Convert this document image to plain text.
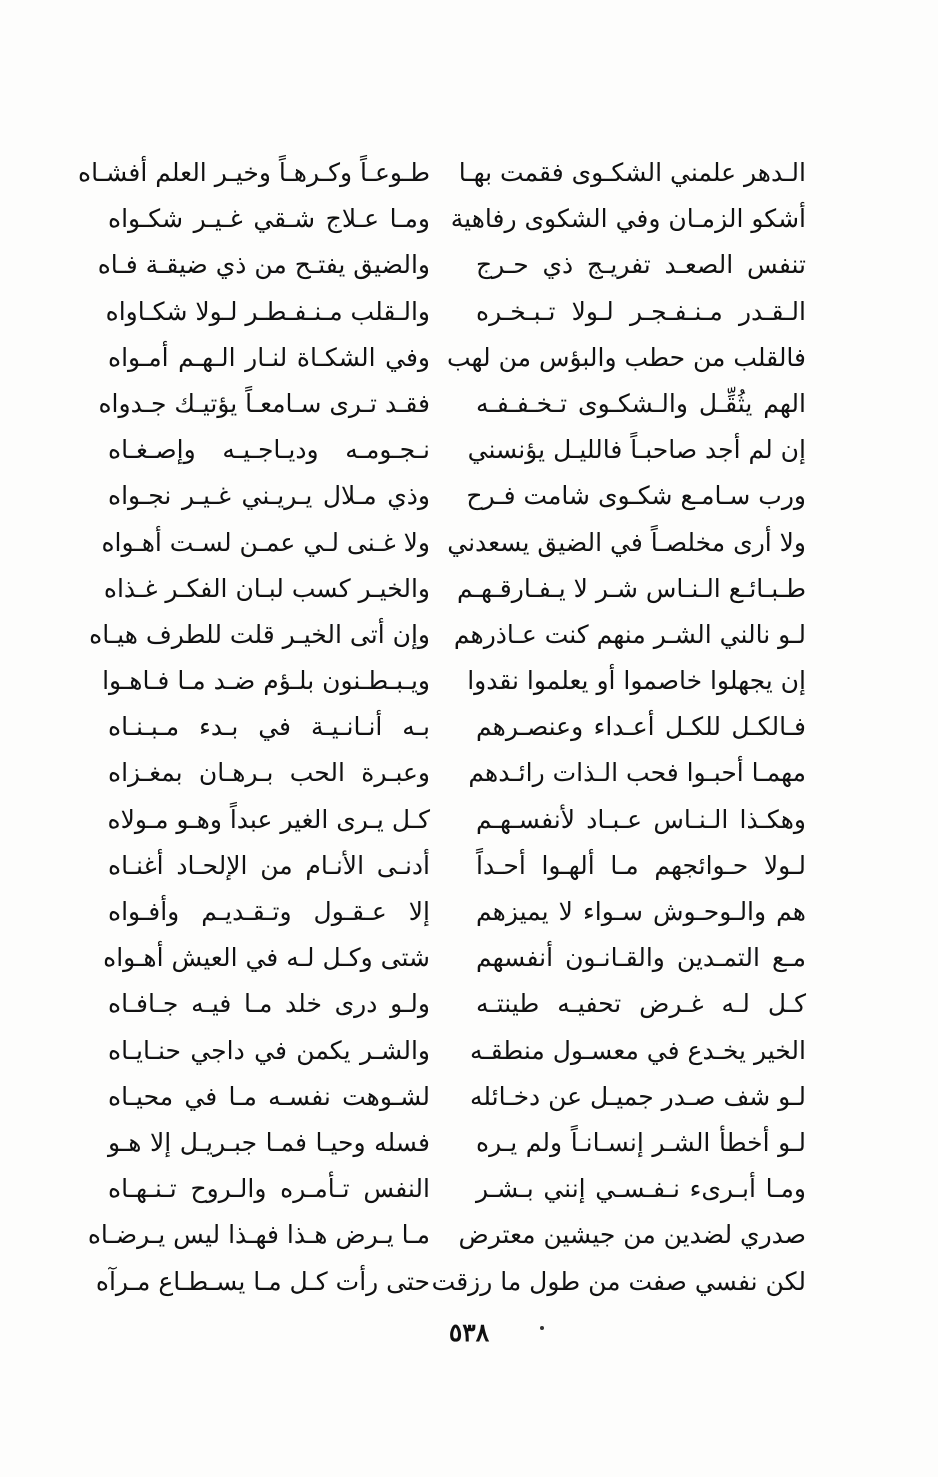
الـدهر علمني الشكـوى فقمت بهـا
أشكو الزمـان وفي الشكوى رفاهية
تنفس الصعـد تفريـج ذي حـرج
الـقـدر مـنـفـجـر لـولا تـبـخـره
فالقلب من حطب والبؤس من لهب
الهم يثُقِّـل والـشكـوى تـخـفـفـه
إن لم أجد صاحبـاً فالليـل يؤنسني
ورب سـامـع شكـوى شامت فـرح
ولا أرى مخلصـاً في الضيق يسعدني
طـبـائـع الـنـاس شـر لا يـفـارقـهـم
لـو نالني الشـر منهم كنت عـاذرهم
إن يجهلوا خاصموا أو يعلموا نقدوا
فـالكـل للكـل أعـداء وعنصـرهم
مهمـا أحبـوا فحب الـذات رائـدهم
وهكـذا الـنـاس عـبـاد لأنفسـهـم
لـولا حـوائجهم مـا ألهـوا أحـداً
هم والـوحـوش سـواء لا يميزهم
مـع التمـدين والقـانـون أنفسهم
كـل لـه غـرض تحفيـه طينتـه
الخير يخـدع في معسـول منطقـه
لـو شف صـدر جميـل عن دخـائله
لـو أخطأ الشـر إنسـانـاً ولم يـره
ومـا أبـرىء نـفـسـي إنني بـشـر
صدري لضدين من جيشين معترض
لكن نفسي صفت من طول ما رزقت
طـوعـاً وكـرهـاً وخيـر العلم أفشـاه
ومـا عـلاج شـقي غـيـر شكـواه
والضيق يفتـح من ذي ضيقـة فـاه
والـقلب مـنـفـطـر لـولا شكـاواه
وفي الشكـاة لنـار الـهـم أمـواه
فقـد تـرى سـامعـاً يؤتيـك جـدواه
نـجـومـه وديـاجـيـه وإصـغـاه
وذي مـلال يـريـني غـيـر نجـواه
ولا غـنى لـي عمـن لسـت أهـواه
والخيـر كسب لبـان الفكـر غـذاه
وإن أتى الخيـر قلت للطرف هيـاه
ويـبـطـنون بلـؤم ضـد مـا فـاهـوا
بـه أنـانـيـة في بـدء مـبـنـاه
وعبـرة الحب بـرهـان بمغـزاه
كـل يـرى الغير عبداً وهـو مـولاه
أدنـى الأنـام من الإلحـاد أغنـاه
إلا عـقـول وتـقـديـم وأفـواه
شتى وكـل لـه في العيش أهـواه
ولـو درى خلد مـا فيـه جـافـاه
والشـر يكمن في داجي حنـايـاه
لشـوهت نفسـه مـا في محيـاه
فسله وحيـا فمـا جبـريـل إلا هـو
النفس تـأمـره والـروح تـنـهـاه
مـا يـرض هـذا فهـذا ليس يـرضـاه
حتى رأت كـل مـا يسـطـاع مـرآه
٥٣٨
